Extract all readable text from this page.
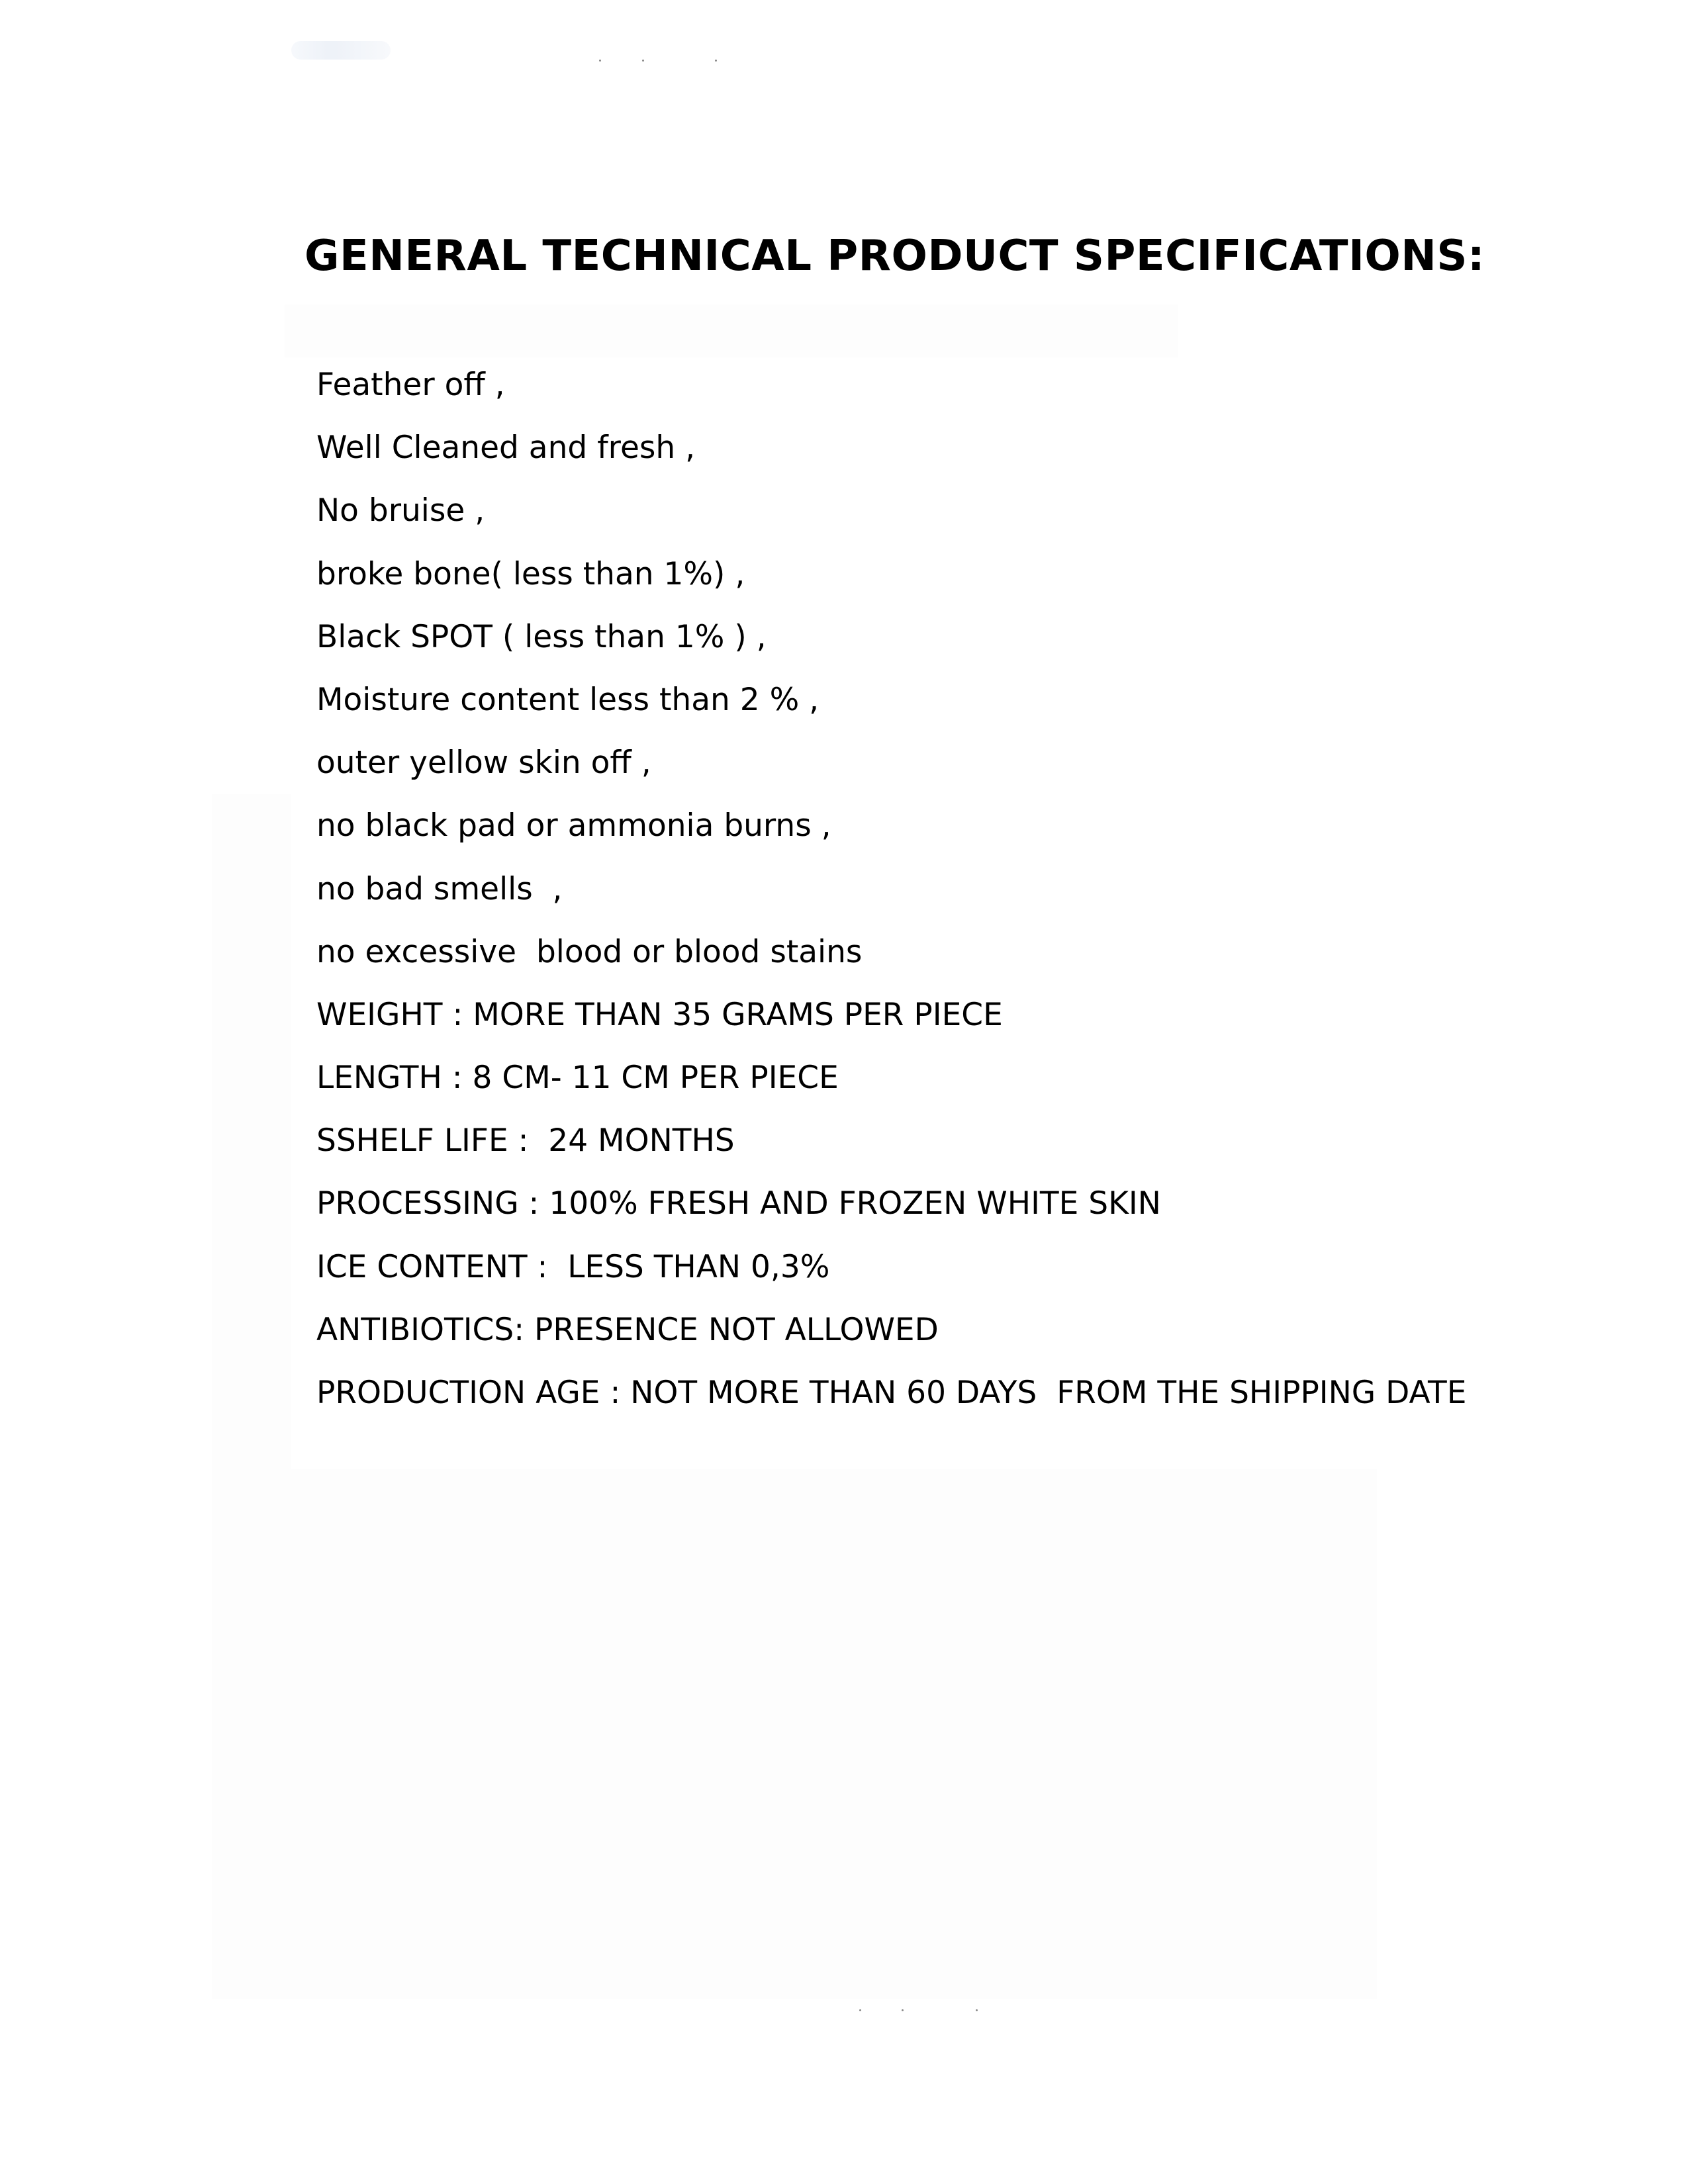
GENERAL TECHNICAL PRODUCT SPECIFICATIONS:
Feather off ,
Well Cleaned and fresh ,
No bruise ,
broke bone( less than 1%) ,
Black SPOT ( less than 1% ) ,
Moisture content less than 2 % ,
outer yellow skin off ,
no black pad or ammonia burns ,
no bad smells  ,
no excessive  blood or blood stains
WEIGHT : MORE THAN 35 GRAMS PER PIECE
LENGTH : 8 CM- 11 CM PER PIECE
SSHELF LIFE :  24 MONTHS
PROCESSING : 100% FRESH AND FROZEN WHITE SKIN
ICE CONTENT :  LESS THAN 0,3%
ANTIBIOTICS: PRESENCE NOT ALLOWED
PRODUCTION AGE : NOT MORE THAN 60 DAYS  FROM THE SHIPPING DATE
